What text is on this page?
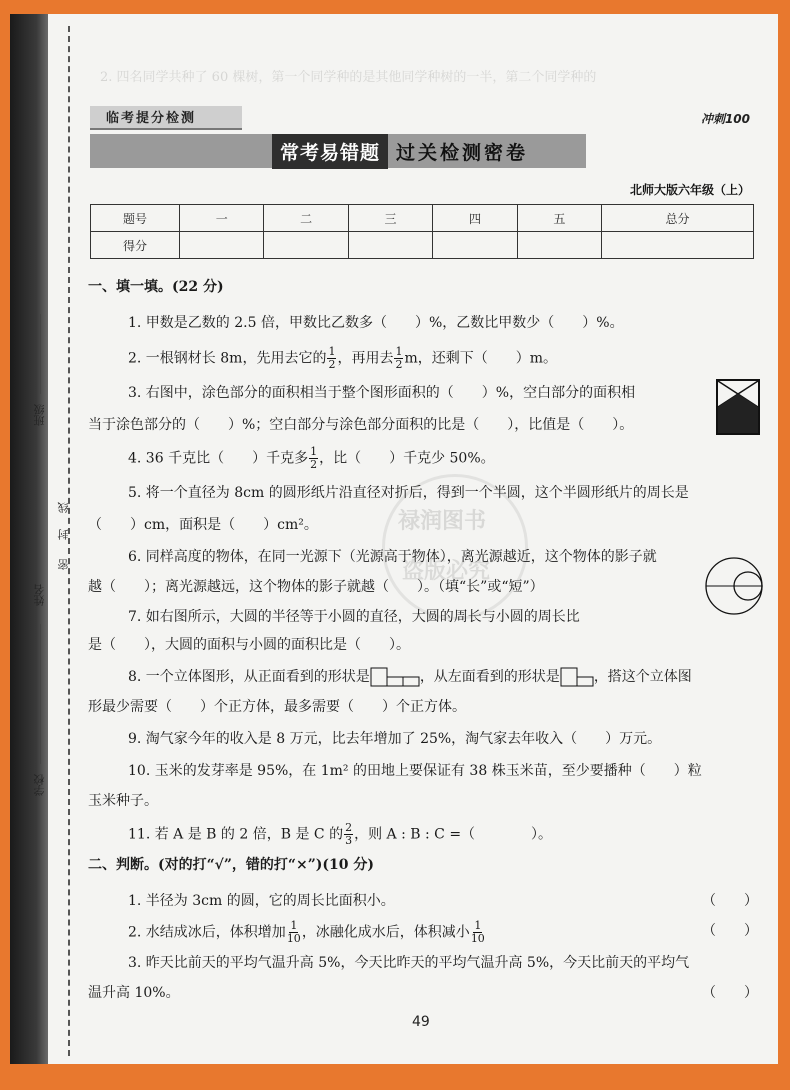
班级
姓名
密
封
线
学校
2. 四名同学共种了 60 棵树，第一个同学种的是其他同学种树的一半，第二个同学种的
临考提分检测	冲刺100
常考易错题 过关检测密卷
北师大版六年级（上）
题号	一	二	三	四	五	总分
得分						
禄润图书
盗版必究
一、填一填。(22 分)
1. 甲数是乙数的 2.5 倍，甲数比乙数多（　　）%，乙数比甲数少（　　）%。
2. 一根钢材长 8m，先用去它的 $\frac{1}{2}$ ，再用去 $\frac{1}{2}$ m，还剩下（　　）m。
3. 右图中，涂色部分的面积相当于整个图形面积的（　　）%，空白部分的面积相
当于涂色部分的（　　）%；空白部分与涂色部分面积的比是（　　），比值是（　　）。
4. 36 千克比（　　）千克多 $\frac{1}{2}$ ，比（　　）千克少 50%。
5. 将一个直径为 8cm 的圆形纸片沿直径对折后，得到一个半圆，这个半圆形纸片的周长是
（　　）cm，面积是（　　）cm²。
6. 同样高度的物体，在同一光源下（光源高于物体），离光源越近，这个物体的影子就
越（　　）；离光源越远，这个物体的影子就越（　　）。（填“长”或“短”）
7. 如右图所示，大圆的半径等于小圆的直径，大圆的周长与小圆的周长比
是（　　），大圆的面积与小圆的面积比是（　　）。
8. 一个立体图形，从正面看到的形状是	，从左面看到的形状是 ，搭这个立体图
形最少需要（　　）个正方体，最多需要（　　）个正方体。
9. 淘气家今年的收入是 8 万元，比去年增加了 25%，淘气家去年收入（　　）万元。
10. 玉米的发芽率是 95%，在 1m² 的田地上要保证有 38 株玉米苗，至少要播种（　　）粒
玉米种子。
11. 若 A 是 B 的 2 倍，B 是 C 的 $\frac{2}{3}$ ，则 A : B : C =（　　　　）。
二、判断。(对的打“√”，错的打“×”)(10 分)
1. 半径为 3cm 的圆，它的周长比面积小。	（　　）
2. 水结成冰后，体积增加 $\frac{1}{10}$ ，冰融化成水后，体积减小 $\frac{1}{10}$	（　　）
3. 昨天比前天的平均气温升高 5%，今天比昨天的平均气温升高 5%，今天比前天的平均气
温升高 10%。	（　　）
49
